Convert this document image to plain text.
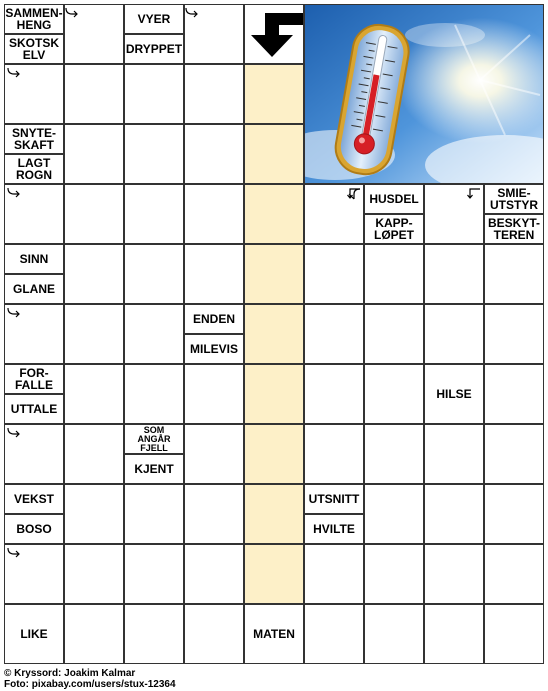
SAMMEN-
HENG
SKOTSK
ELV
VYER
DRYPPET
SNYTE-
SKAFT
LAGT
ROGN
HUSDEL
KAPP-
LØPET
SMIE-
UTSTYR
BESKYT-
TEREN
SINN
GLANE
ENDEN
MILEVIS
FOR-
FALLE
UTTALE
HILSE
SOM
ANGÅR
FJELL
KJENT
VEKST
BOSO
UTSNITT
HVILTE
LIKE	MATEN
© Kryssord: Joakim Kalmar
Foto: pixabay.com/users/stux-12364
